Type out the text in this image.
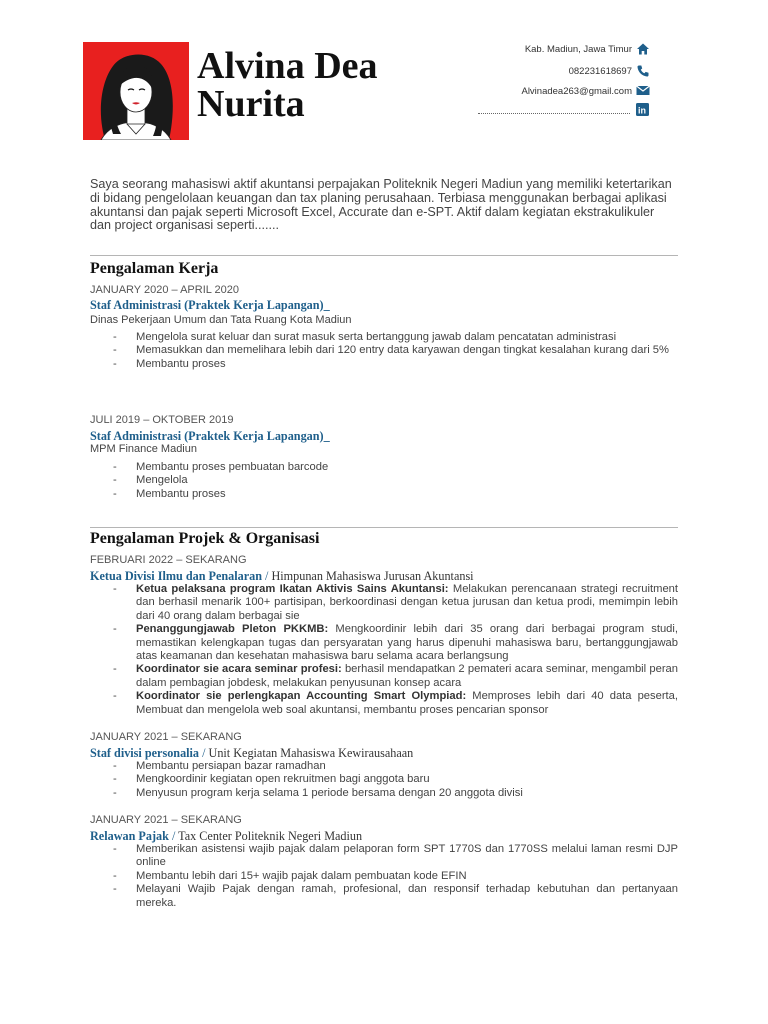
Alvina Dea
Nurita
Kab. Madiun, Jawa Timur
082231618697
Alvinadea263@gmail.com
in
Saya seorang mahasiswi aktif akuntansi perpajakan Politeknik Negeri Madiun yang memiliki ketertarikan di bidang pengelolaan keuangan dan tax planing perusahaan. Terbiasa menggunakan berbagai aplikasi akuntansi dan pajak seperti Microsoft Excel, Accurate dan e-SPT. Aktif dalam kegiatan ekstrakulikuler dan project organisasi seperti.......
Pengalaman Kerja
JANUARY 2020 – APRIL 2020
Staf Administrasi (Praktek Kerja Lapangan)_
Dinas Pekerjaan Umum dan Tata Ruang Kota Madiun
- Mengelola surat keluar dan surat masuk serta bertanggung jawab dalam pencatatan administrasi
- Memasukkan dan memelihara lebih dari 120 entry data karyawan dengan tingkat kesalahan kurang dari 5%
- Membantu proses
JULI 2019 – OKTOBER 2019
Staf Administrasi (Praktek Kerja Lapangan)_
MPM Finance Madiun
- Membantu proses pembuatan barcode
- Mengelola
- Membantu proses
Pengalaman Projek & Organisasi
FEBRUARI 2022 – SEKARANG
Ketua Divisi Ilmu dan Penalaran / Himpunan Mahasiswa Jurusan Akuntansi
- Ketua pelaksana program Ikatan Aktivis Sains Akuntansi: Melakukan perencanaan strategi recruitment dan berhasil menarik 100+ partisipan, berkoordinasi dengan ketua jurusan dan ketua prodi, memimpin lebih dari 40 orang dalam berbagai sie
- Penanggungjawab Pleton PKKMB: Mengkoordinir lebih dari 35 orang dari berbagai program studi, memastikan kelengkapan tugas dan persyaratan yang harus dipenuhi mahasiswa baru, bertanggungjawab atas keamanan dan kesehatan mahasiswa baru selama acara berlangsung
- Koordinator sie acara seminar profesi: berhasil mendapatkan 2 pemateri acara seminar, mengambil peran dalam pembagian jobdesk, melakukan penyusunan konsep acara
- Koordinator sie perlengkapan Accounting Smart Olympiad: Memproses lebih dari 40 data peserta, Membuat dan mengelola web soal akuntansi, membantu proses pencarian sponsor
JANUARY 2021 – SEKARANG
Staf divisi personalia / Unit Kegiatan Mahasiswa Kewirausahaan
- Membantu persiapan bazar ramadhan
- Mengkoordinir kegiatan open rekruitmen bagi anggota baru
- Menyusun program kerja selama 1 periode bersama dengan 20 anggota divisi
JANUARY 2021 – SEKARANG
Relawan Pajak / Tax Center Politeknik Negeri Madiun
- Memberikan asistensi wajib pajak dalam pelaporan form SPT 1770S dan 1770SS melalui laman resmi DJP online
- Membantu lebih dari 15+ wajib pajak dalam pembuatan kode EFIN
- Melayani Wajib Pajak dengan ramah, profesional, dan responsif terhadap kebutuhan dan pertanyaan mereka.
